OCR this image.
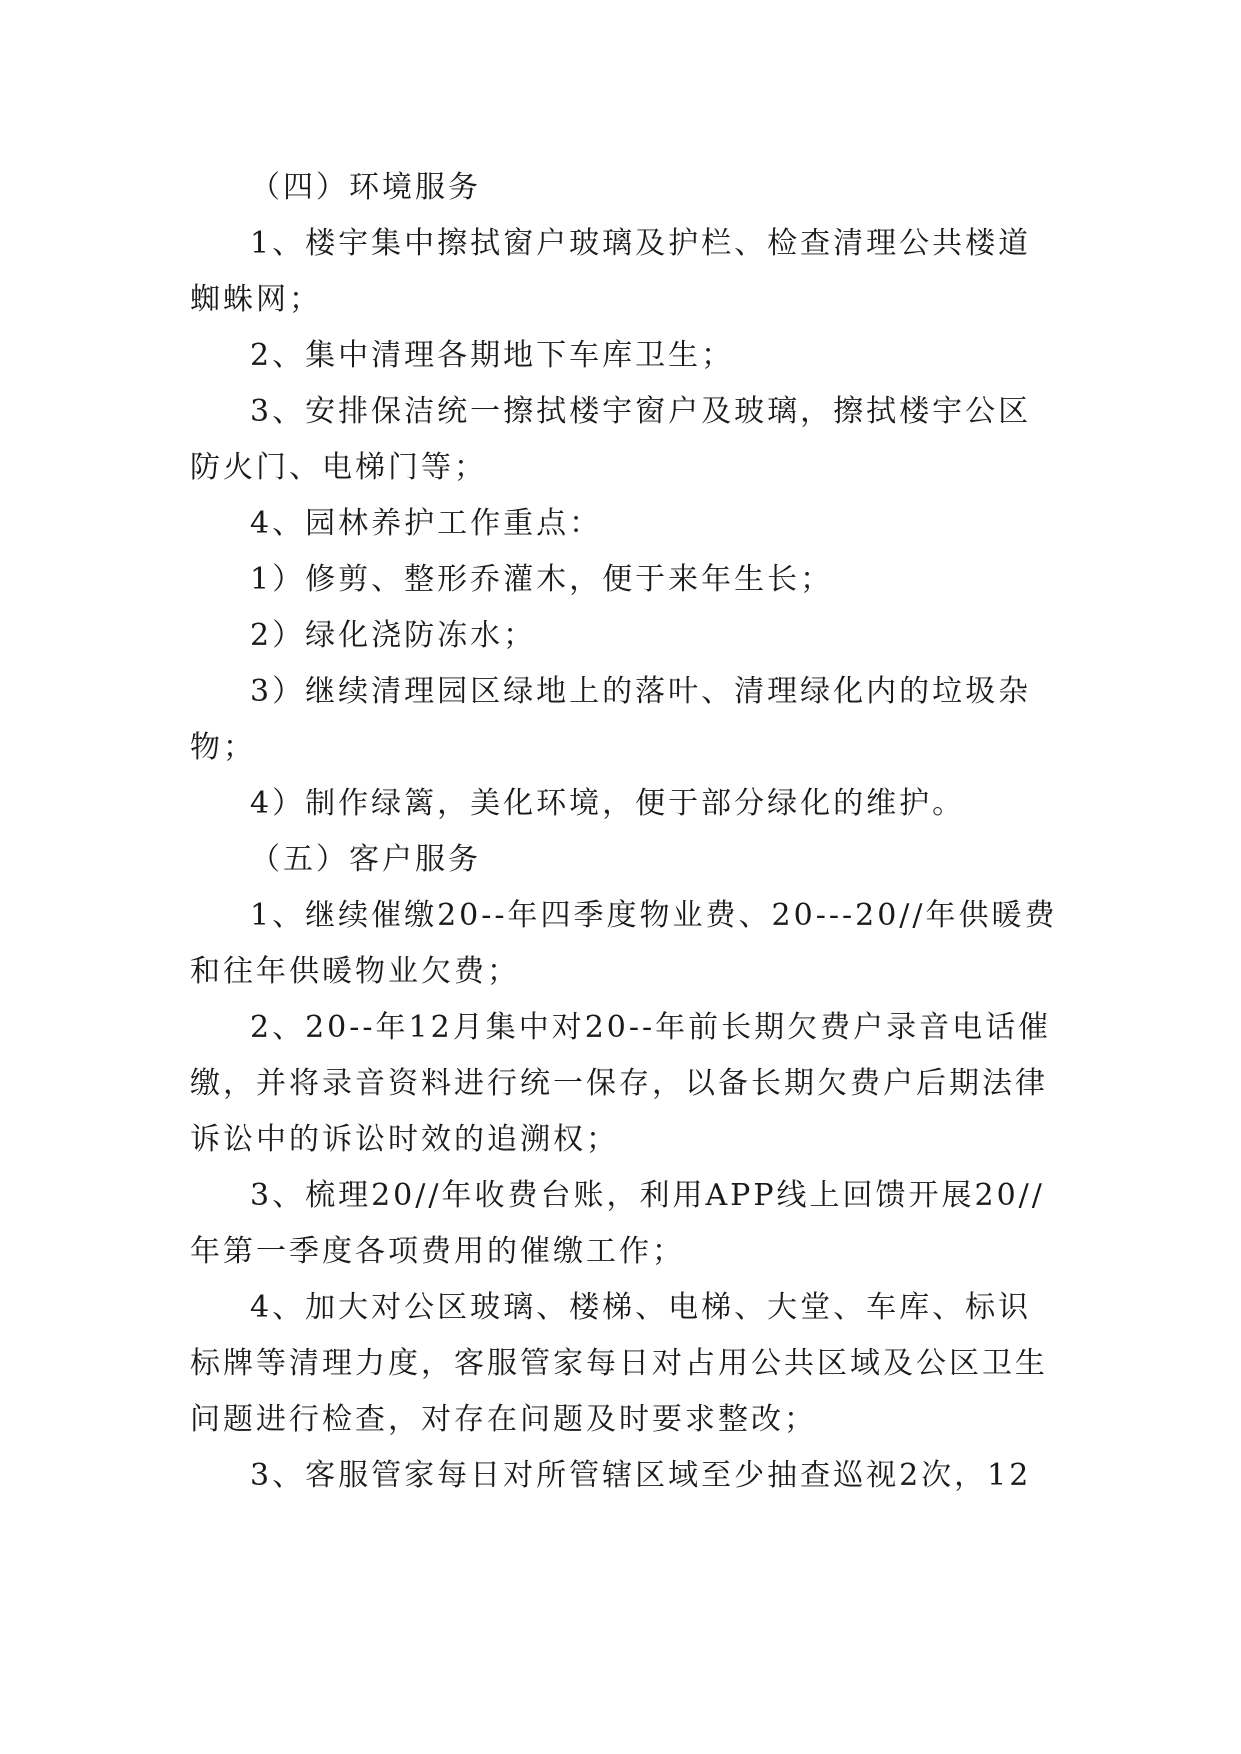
（四）环境服务
1、楼宇集中擦拭窗户玻璃及护栏、检查清理公共楼道
蜘蛛网；
2、集中清理各期地下车库卫生；
3、安排保洁统一擦拭楼宇窗户及玻璃，擦拭楼宇公区
防火门、电梯门等；
4、园林养护工作重点：
1）修剪、整形乔灌木，便于来年生长；
2）绿化浇防冻水；
3）继续清理园区绿地上的落叶、清理绿化内的垃圾杂
物；
4）制作绿篱，美化环境，便于部分绿化的维护。
（五）客户服务
1、继续催缴20--年四季度物业费、20---20//年供暖费
和往年供暖物业欠费；
2、20--年12月集中对20--年前长期欠费户录音电话催
缴，并将录音资料进行统一保存，以备长期欠费户后期法律
诉讼中的诉讼时效的追溯权；
3、梳理20//年收费台账，利用APP线上回馈开展20//
年第一季度各项费用的催缴工作；
4、加大对公区玻璃、楼梯、电梯、大堂、车库、标识
标牌等清理力度，客服管家每日对占用公共区域及公区卫生
问题进行检查，对存在问题及时要求整改；
3、客服管家每日对所管辖区域至少抽查巡视2次，12
